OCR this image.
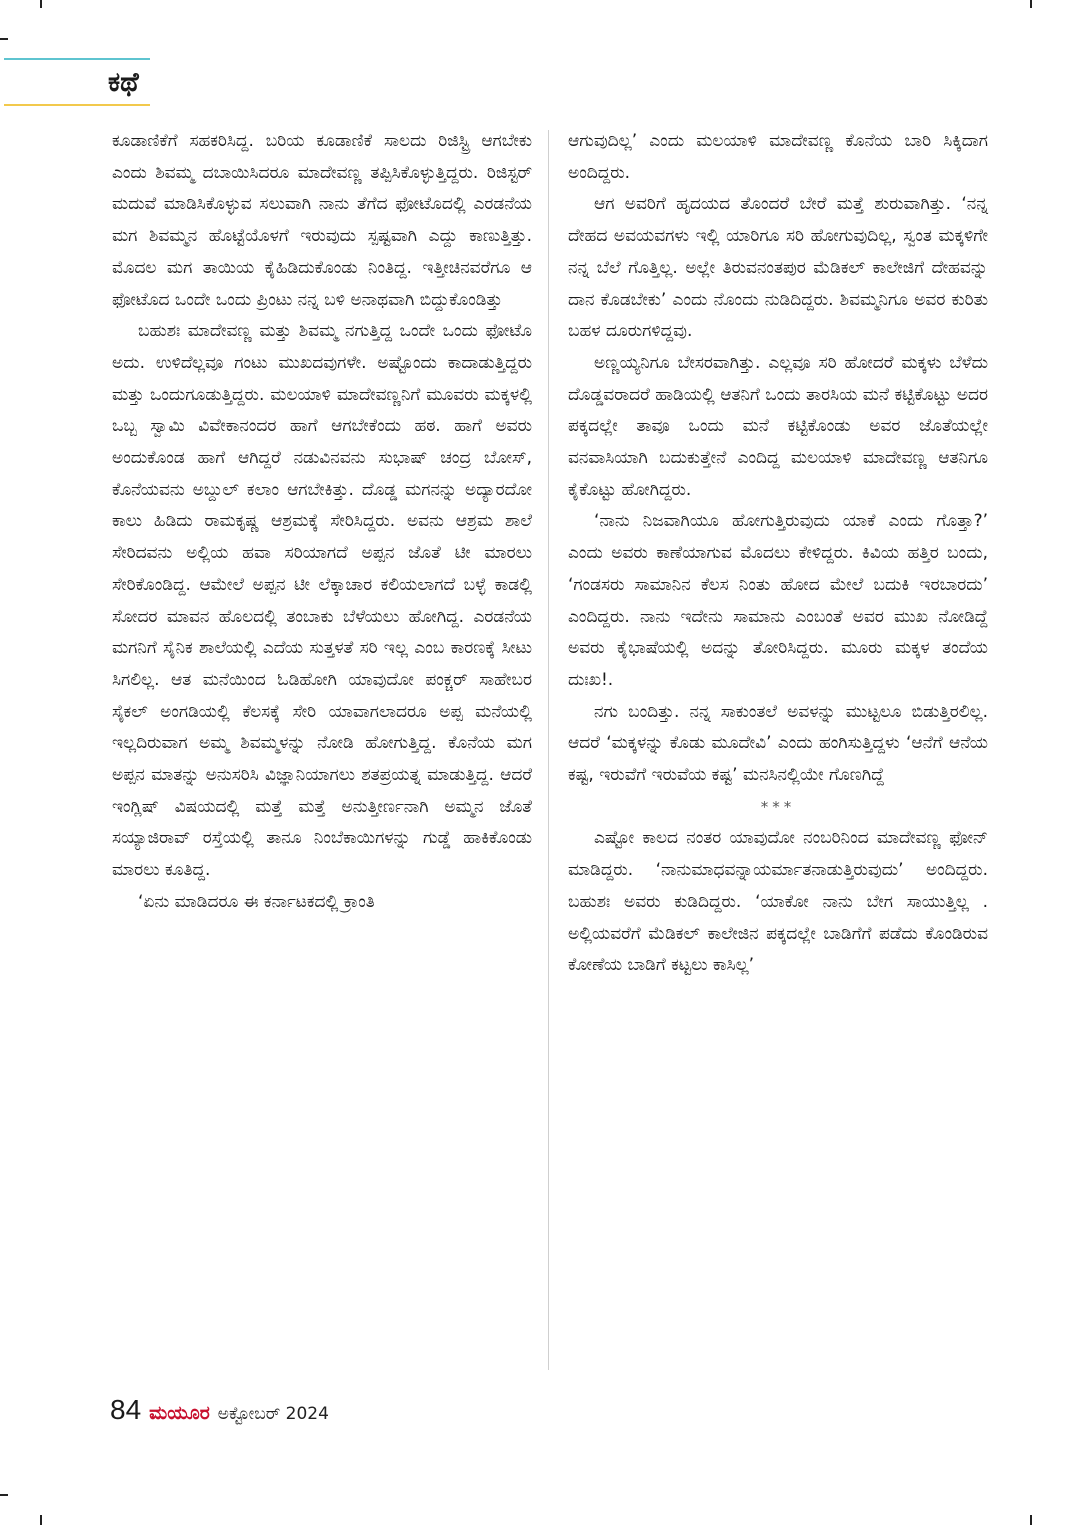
ಕಥೆ

ಕೂಡಾಣಿಕೆಗೆ ಸಹಕರಿಸಿದ್ದ. ಬರಿಯ ಕೂಡಾಣಿಕೆ ಸಾಲದು ರಿಜಿಸ್ಟ್ರಿ ಆಗಬೇಕು ಎಂದು ಶಿವಮ್ಮ ದಬಾಯಿಸಿದರೂ ಮಾದೇವಣ್ಣ ತಪ್ಪಿಸಿಕೊಳ್ಳುತ್ತಿದ್ದರು. ರಿಜಿಸ್ಟರ್ ಮದುವೆ ಮಾಡಿಸಿಕೊಳ್ಳುವ ಸಲುವಾಗಿ ನಾನು ತೆಗೆದ ಫೋಟೊದಲ್ಲಿ ಎರಡನೆಯ ಮಗ ಶಿವಮ್ಮನ ಹೊಟ್ಟೆಯೊಳಗೆ ಇರುವುದು ಸ್ಪಷ್ಟವಾಗಿ ಎದ್ದು ಕಾಣುತ್ತಿತ್ತು. ಮೊದಲ ಮಗ ತಾಯಿಯ ಕೈಹಿಡಿದುಕೊಂಡು ನಿಂತಿದ್ದ. ಇತ್ತೀಚಿನವರೆಗೂ ಆ ಫೋಟೊದ ಒಂದೇ ಒಂದು ಪ್ರಿಂಟು ನನ್ನ ಬಳಿ ಅನಾಥವಾಗಿ ಬಿದ್ದುಕೊಂಡಿತ್ತು

ಬಹುಶಃ ಮಾದೇವಣ್ಣ ಮತ್ತು ಶಿವಮ್ಮ ನಗುತ್ತಿದ್ದ ಒಂದೇ ಒಂದು ಫೋಟೊ ಅದು. ಉಳಿದೆಲ್ಲವೂ ಗಂಟು ಮುಖದವುಗಳೇ. ಅಷ್ಟೊಂದು ಕಾದಾಡುತ್ತಿದ್ದರು ಮತ್ತು ಒಂದುಗೂಡುತ್ತಿದ್ದರು. ಮಲಯಾಳಿ ಮಾದೇವಣ್ಣನಿಗೆ ಮೂವರು ಮಕ್ಕಳಲ್ಲಿ ಒಬ್ಬ ಸ್ವಾಮಿ ವಿವೇಕಾನಂದರ ಹಾಗೆ ಆಗಬೇಕೆಂದು ಹಠ. ಹಾಗೆ ಅವರು ಅಂದುಕೊಂಡ ಹಾಗೆ ಆಗಿದ್ದರೆ ನಡುವಿನವನು ಸುಭಾಷ್ ಚಂದ್ರ ಬೋಸ್, ಕೊನೆಯವನು ಅಬ್ದುಲ್ ಕಲಾಂ ಆಗಬೇಕಿತ್ತು. ದೊಡ್ಡ ಮಗನನ್ನು ಅದ್ಯಾರದೋ ಕಾಲು ಹಿಡಿದು ರಾಮಕೃಷ್ಣ ಆಶ್ರಮಕ್ಕೆ ಸೇರಿಸಿದ್ದರು. ಅವನು ಆಶ್ರಮ ಶಾಲೆ ಸೇರಿದವನು ಅಲ್ಲಿಯ ಹವಾ ಸರಿಯಾಗದೆ ಅಪ್ಪನ ಜೊತೆ ಟೀ ಮಾರಲು ಸೇರಿಕೊಂಡಿದ್ದ. ಆಮೇಲೆ ಅಪ್ಪನ ಟೀ ಲೆಕ್ಕಾಚಾರ ಕಲಿಯಲಾಗದೆ ಬಳ್ಳೆ ಕಾಡಲ್ಲಿ ಸೋದರ ಮಾವನ ಹೊಲದಲ್ಲಿ ತಂಬಾಕು ಬೆಳೆಯಲು ಹೋಗಿದ್ದ. ಎರಡನೆಯ ಮಗನಿಗೆ ಸೈನಿಕ ಶಾಲೆಯಲ್ಲಿ ಎದೆಯ ಸುತ್ತಳತೆ ಸರಿ ಇಲ್ಲ ಎಂಬ ಕಾರಣಕ್ಕೆ ಸೀಟು ಸಿಗಲಿಲ್ಲ. ಆತ ಮನೆಯಿಂದ ಓಡಿಹೋಗಿ ಯಾವುದೋ ಪಂಕ್ಚರ್ ಸಾಹೇಬರ ಸೈಕಲ್ ಅಂಗಡಿಯಲ್ಲಿ ಕೆಲಸಕ್ಕೆ ಸೇರಿ ಯಾವಾಗಲಾದರೂ ಅಪ್ಪ ಮನೆಯಲ್ಲಿ ಇಲ್ಲದಿರುವಾಗ ಅಮ್ಮ ಶಿವಮ್ಮಳನ್ನು ನೋಡಿ ಹೋಗುತ್ತಿದ್ದ. ಕೊನೆಯ ಮಗ ಅಪ್ಪನ ಮಾತನ್ನು ಅನುಸರಿಸಿ ವಿಜ್ಞಾನಿಯಾಗಲು ಶತಪ್ರಯತ್ನ ಮಾಡುತ್ತಿದ್ದ. ಆದರೆ ಇಂಗ್ಲಿಷ್ ವಿಷಯದಲ್ಲಿ ಮತ್ತೆ ಮತ್ತೆ ಅನುತ್ತೀರ್ಣನಾಗಿ ಅಮ್ಮನ ಜೊತೆ ಸಯ್ಯಾಜಿರಾವ್ ರಸ್ತೆಯಲ್ಲಿ ತಾನೂ ನಿಂಬೆಕಾಯಿಗಳನ್ನು ಗುಡ್ಡೆ ಹಾಕಿಕೊಂಡು ಮಾರಲು ಕೂತಿದ್ದ.

‘ಏನು ಮಾಡಿದರೂ ಈ ಕರ್ನಾಟಕದಲ್ಲಿ ಕ್ರಾಂತಿ

ಆಗುವುದಿಲ್ಲ’ ಎಂದು ಮಲಯಾಳಿ ಮಾದೇವಣ್ಣ ಕೊನೆಯ ಬಾರಿ ಸಿಕ್ಕಿದಾಗ ಅಂದಿದ್ದರು.

ಆಗ ಅವರಿಗೆ ಹೃದಯದ ತೊಂದರೆ ಬೇರೆ ಮತ್ತೆ ಶುರುವಾಗಿತ್ತು. ‘ನನ್ನ ದೇಹದ ಅವಯವಗಳು ಇಲ್ಲಿ ಯಾರಿಗೂ ಸರಿ ಹೋಗುವುದಿಲ್ಲ, ಸ್ವಂತ ಮಕ್ಕಳಿಗೇ ನನ್ನ ಬೆಲೆ ಗೊತ್ತಿಲ್ಲ. ಅಲ್ಲೇ ತಿರುವನಂತಪುರ ಮೆಡಿಕಲ್ ಕಾಲೇಜಿಗೆ ದೇಹವನ್ನು ದಾನ ಕೊಡಬೇಕು’ ಎಂದು ನೊಂದು ನುಡಿದಿದ್ದರು. ಶಿವಮ್ಮನಿಗೂ ಅವರ ಕುರಿತು ಬಹಳ ದೂರುಗಳಿದ್ದವು.

ಅಣ್ಣಯ್ಯನಿಗೂ ಬೇಸರವಾಗಿತ್ತು. ಎಲ್ಲವೂ ಸರಿ ಹೋದರೆ ಮಕ್ಕಳು ಬೆಳೆದು ದೊಡ್ಡವರಾದರೆ ಹಾಡಿಯಲ್ಲಿ ಆತನಿಗೆ ಒಂದು ತಾರಸಿಯ ಮನೆ ಕಟ್ಟಿಕೊಟ್ಟು ಅದರ ಪಕ್ಕದಲ್ಲೇ ತಾವೂ ಒಂದು ಮನೆ ಕಟ್ಟಿಕೊಂಡು ಅವರ ಜೊತೆಯಲ್ಲೇ ವನವಾಸಿಯಾಗಿ ಬದುಕುತ್ತೇನೆ ಎಂದಿದ್ದ ಮಲಯಾಳಿ ಮಾದೇವಣ್ಣ ಆತನಿಗೂ ಕೈಕೊಟ್ಟು ಹೋಗಿದ್ದರು.

‘ನಾನು ನಿಜವಾಗಿಯೂ ಹೋಗುತ್ತಿರುವುದು ಯಾಕೆ ಎಂದು ಗೊತ್ತಾ?’ ಎಂದು ಅವರು ಕಾಣೆಯಾಗುವ ಮೊದಲು ಕೇಳಿದ್ದರು. ಕಿವಿಯ ಹತ್ತಿರ ಬಂದು, ‘ಗಂಡಸರು ಸಾಮಾನಿನ ಕೆಲಸ ನಿಂತು ಹೋದ ಮೇಲೆ ಬದುಕಿ ಇರಬಾರದು’ ಎಂದಿದ್ದರು. ನಾನು ಇದೇನು ಸಾಮಾನು ಎಂಬಂತೆ ಅವರ ಮುಖ ನೋಡಿದ್ದೆ ಅವರು ಕೈಭಾಷೆಯಲ್ಲಿ ಅದನ್ನು ತೋರಿಸಿದ್ದರು. ಮೂರು ಮಕ್ಕಳ ತಂದೆಯ ದುಃಖ!.

ನಗು ಬಂದಿತ್ತು. ನನ್ನ ಸಾಕುಂತಲೆ ಅವಳನ್ನು ಮುಟ್ಟಲೂ ಬಿಡುತ್ತಿರಲಿಲ್ಲ. ಆದರೆ ‘ಮಕ್ಕಳನ್ನು ಕೊಡು ಮೂದೇವಿ’ ಎಂದು ಹಂಗಿಸುತ್ತಿದ್ದಳು ‘ಆನೆಗೆ ಆನೆಯ ಕಷ್ಟ, ಇರುವೆಗೆ ಇರುವೆಯ ಕಷ್ಟ’ ಮನಸಿನಲ್ಲಿಯೇ ಗೊಣಗಿದ್ದೆ

***

ಎಷ್ಟೋ ಕಾಲದ ನಂತರ ಯಾವುದೋ ನಂಬರಿನಿಂದ ಮಾದೇವಣ್ಣ ಫೋನ್ ಮಾಡಿದ್ದರು. ‘ನಾನುಮಾಧವನ್ನಾಯರ್ಮಾತನಾಡುತ್ತಿರುವುದು’ ಅಂದಿದ್ದರು. ಬಹುಶಃ ಅವರು ಕುಡಿದಿದ್ದರು. ‘ಯಾಕೋ ನಾನು ಬೇಗ ಸಾಯುತ್ತಿಲ್ಲ . ಅಲ್ಲಿಯವರೆಗೆ ಮೆಡಿಕಲ್ ಕಾಲೇಜಿನ ಪಕ್ಕದಲ್ಲೇ ಬಾಡಿಗೆಗೆ ಪಡೆದು ಕೊಂಡಿರುವ ಕೋಣೆಯ ಬಾಡಿಗೆ ಕಟ್ಟಲು ಕಾಸಿಲ್ಲ’

84 ಮಯೂರ ಅಕ್ಟೋಬರ್ 2024
